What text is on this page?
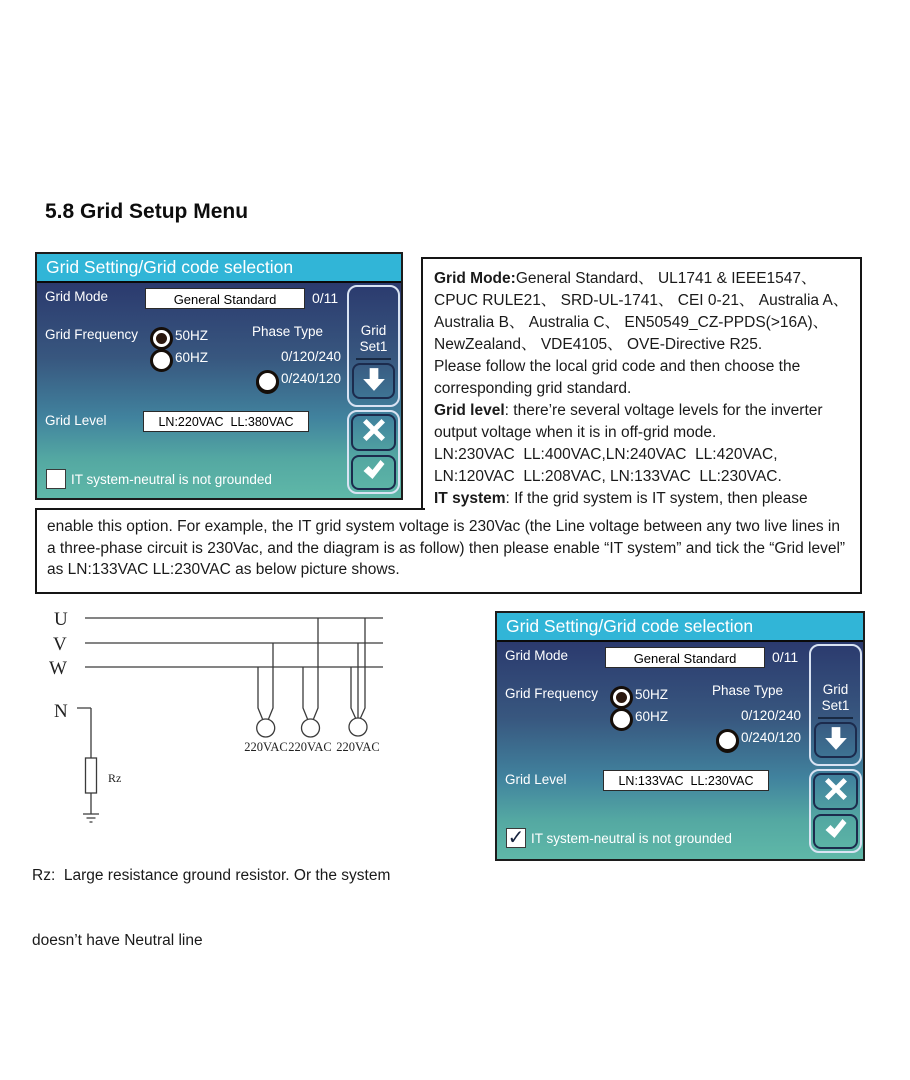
5.8 Grid Setup Menu
Grid Setting/Grid code selection
Grid Mode	General Standard	0/11
Grid Frequency	50HZ
60HZ
Phase Type
0/120/240
0/240/120
Grid Level	LN:220VAC  LL:380VAC
IT system-neutral is not grounded
Grid
Set1
Grid Mode:General Standard、 UL1741 & IEEE1547、
CPUC RULE21、 SRD-UL-1741、 CEI 0-21、 Australia A、
Australia B、 Australia C、 EN50549_CZ-PPDS(>16A)、
NewZealand、 VDE4105、 OVE-Directive R25.
Please follow the local grid code and then choose the
corresponding grid standard.
Grid level: there’re several voltage levels for the inverter
output voltage when it is in off-grid mode.
LN:230VAC  LL:400VAC,LN:240VAC  LL:420VAC,
LN:120VAC  LL:208VAC, LN:133VAC  LL:230VAC.
IT system: If the grid system is IT system, then please
enable this option. For example, the IT grid system voltage is 230Vac (the Line voltage between any two live lines in a three-phase circuit is 230Vac, and the diagram is as follow) then please enable “IT system” and tick the “Grid level” as LN:133VAC LL:230VAC as below picture shows.
U
V
W
N
Rz
220VAC 220VAC 220VAC

Rz:  Large resistance ground resistor. Or the system

doesn’t have Neutral line

Grid Setting/Grid code selection
Grid Mode	General Standard	0/11
Grid Frequency	50HZ
60HZ
Phase Type
0/120/240
0/240/120
Grid Level	LN:133VAC  LL:230VAC
✓ IT system-neutral is not grounded
Grid
Set1
